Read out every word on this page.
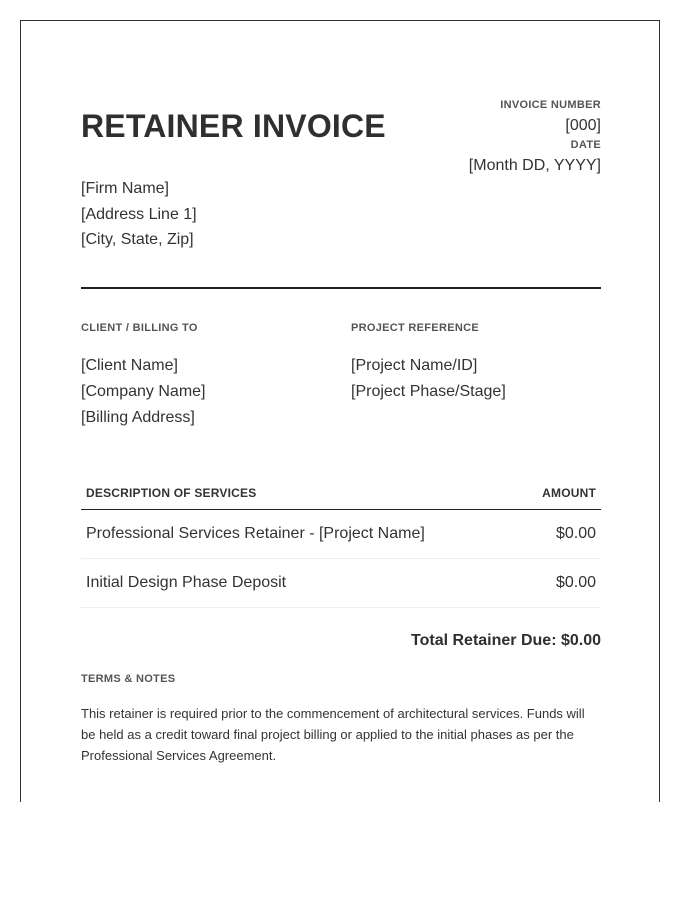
RETAINER INVOICE
INVOICE NUMBER
[000]
DATE
[Month DD, YYYY]
[Firm Name]
[Address Line 1]
[City, State, Zip]
CLIENT / BILLING TO
[Client Name]
[Company Name]
[Billing Address]
PROJECT REFERENCE
[Project Name/ID]
[Project Phase/Stage]
DESCRIPTION OF SERVICES	AMOUNT
Professional Services Retainer - [Project Name]	$0.00
Initial Design Phase Deposit	$0.00
Total Retainer Due: $0.00
TERMS & NOTES
This retainer is required prior to the commencement of architectural services. Funds will be held as a credit toward final project billing or applied to the initial phases as per the Professional Services Agreement.
